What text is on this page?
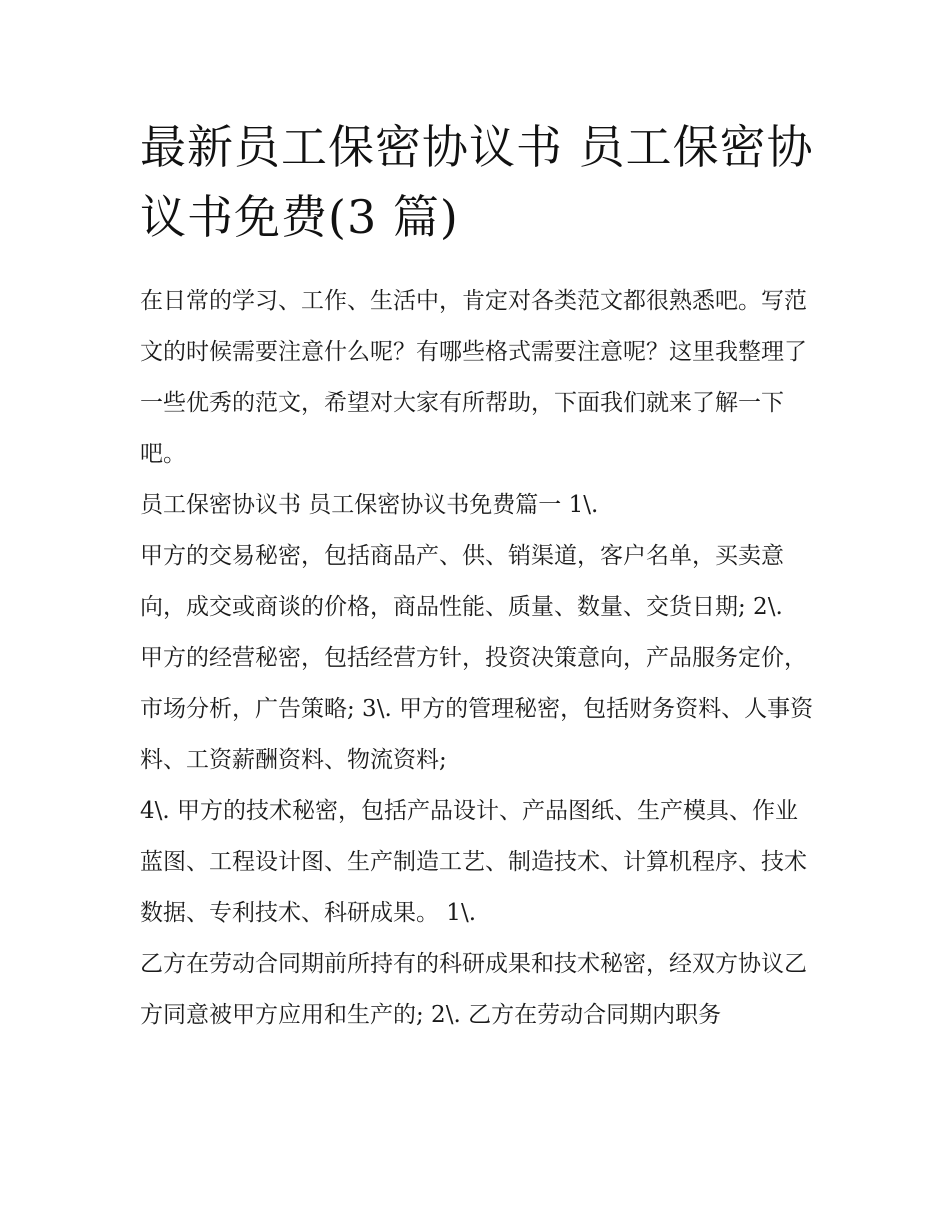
最新员工保密协议书 员工保密协议书免费(3 篇)

在日常的学习、工作、生活中，肯定对各类范文都很熟悉吧。写范文的时候需要注意什么呢？有哪些格式需要注意呢？这里我整理了一些优秀的范文，希望对大家有所帮助，下面我们就来了解一下吧。

员工保密协议书 员工保密协议书免费篇一 1\.

甲方的交易秘密，包括商品产、供、销渠道，客户名单，买卖意向，成交或商谈的价格，商品性能、质量、数量、交货日期; 2\.

甲方的经营秘密，包括经营方针，投资决策意向，产品服务定价，市场分析，广告策略; 3\. 甲方的管理秘密，包括财务资料、人事资料、工资薪酬资料、物流资料;

4\. 甲方的技术秘密，包括产品设计、产品图纸、生产模具、作业蓝图、工程设计图、生产制造工艺、制造技术、计算机程序、技术数据、专利技术、科研成果。 1\.

乙方在劳动合同期前所持有的科研成果和技术秘密，经双方协议乙方同意被甲方应用和生产的; 2\. 乙方在劳动合同期内职务
